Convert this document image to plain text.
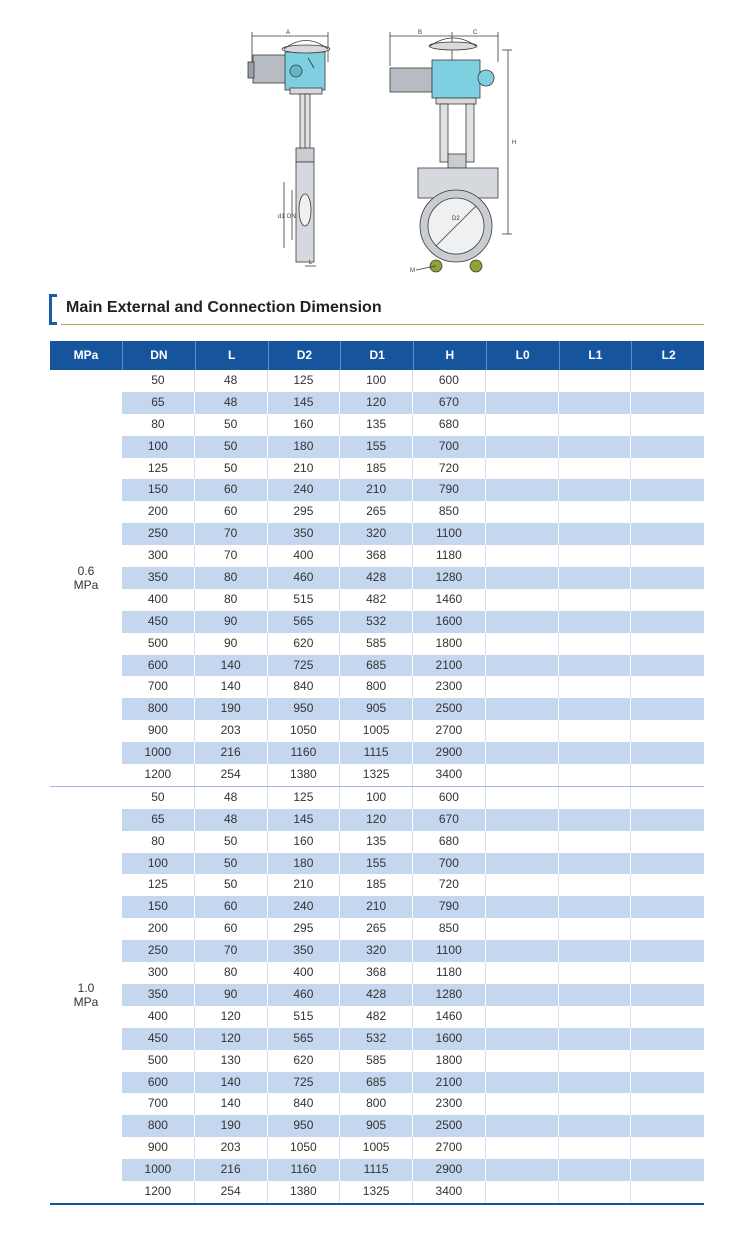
A	B	C
H
d1 DN
L
D2
M
Main External and Connection Dimension
MPa	DN	L	D2	D1	H	L0	L1	L2
0.6
MPa
50	48	125	100	600
65	48	145	120	670
80	50	160	135	680
100	50	180	155	700
125	50	210	185	720
150	60	240	210	790
200	60	295	265	850
250	70	350	320	1100
300	70	400	368	1180
350	80	460	428	1280
400	80	515	482	1460
450	90	565	532	1600
500	90	620	585	1800
600	140	725	685	2100
700	140	840	800	2300
800	190	950	905	2500
900	203	1050	1005	2700
1000	216	1160	1115	2900
1200	254	1380	1325	3400
1.0
MPa
50	48	125	100	600
65	48	145	120	670
80	50	160	135	680
100	50	180	155	700
125	50	210	185	720
150	60	240	210	790
200	60	295	265	850
250	70	350	320	1100
300	80	400	368	1180
350	90	460	428	1280
400	120	515	482	1460
450	120	565	532	1600
500	130	620	585	1800
600	140	725	685	2100
700	140	840	800	2300
800	190	950	905	2500
900	203	1050	1005	2700
1000	216	1160	1115	2900
1200	254	1380	1325	3400
